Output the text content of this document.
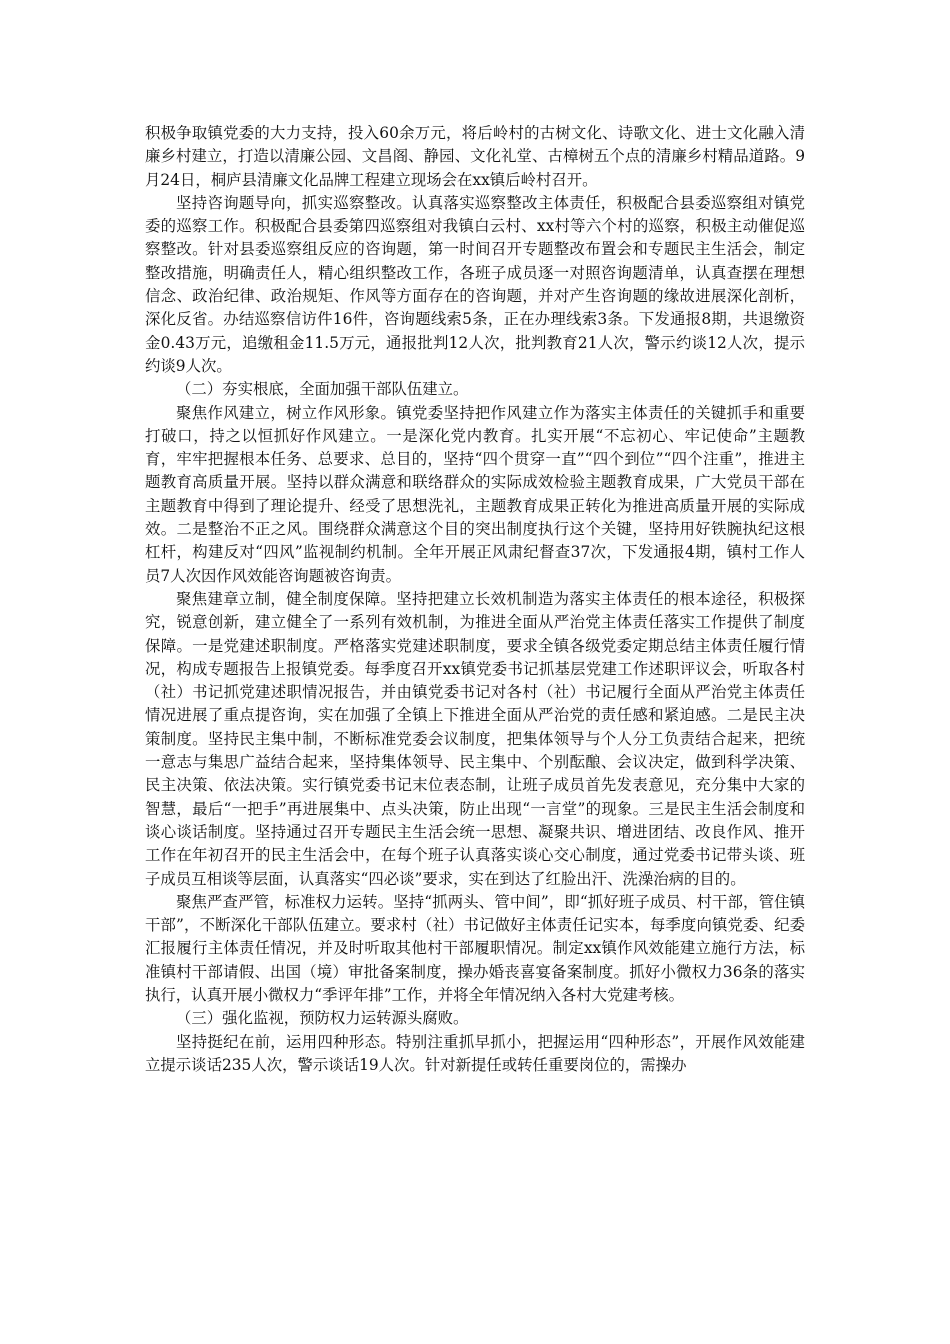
积极争取镇党委的大力支持，投入60余万元，将后岭村的古树文化、诗歌文化、进士文化融入清廉乡村建立，打造以清廉公园、文昌阁、静园、文化礼堂、古樟树五个点的清廉乡村精品道路。9月24日，桐庐县清廉文化品牌工程建立现场会在xx镇后岭村召开。

坚持咨询题导向，抓实巡察整改。认真落实巡察整改主体责任，积极配合县委巡察组对镇党委的巡察工作。积极配合县委第四巡察组对我镇白云村、xx村等六个村的巡察，积极主动催促巡察整改。针对县委巡察组反应的咨询题，第一时间召开专题整改布置会和专题民主生活会，制定整改措施，明确责任人，精心组织整改工作，各班子成员逐一对照咨询题清单，认真查摆在理想信念、政治纪律、政治规矩、作风等方面存在的咨询题，并对产生咨询题的缘故进展深化剖析，深化反省。办结巡察信访件16件，咨询题线索5条，正在办理线索3条。下发通报8期，共退缴资金0.43万元，追缴租金11.5万元，通报批判12人次，批判教育21人次，警示约谈12人次，提示约谈9人次。

（二）夯实根底，全面加强干部队伍建立。

聚焦作风建立，树立作风形象。镇党委坚持把作风建立作为落实主体责任的关键抓手和重要打破口，持之以恒抓好作风建立。一是深化党内教育。扎实开展“不忘初心、牢记使命”主题教育，牢牢把握根本任务、总要求、总目的，坚持“四个贯穿一直”“四个到位”“四个注重”，推进主题教育高质量开展。坚持以群众满意和联络群众的实际成效检验主题教育成果，广大党员干部在主题教育中得到了理论提升、经受了思想洗礼，主题教育成果正转化为推进高质量开展的实际成效。二是整治不正之风。围绕群众满意这个目的突出制度执行这个关键，坚持用好铁腕执纪这根杠杆，构建反对“四风”监视制约机制。全年开展正风肃纪督查37次，下发通报4期，镇村工作人员7人次因作风效能咨询题被咨询责。

聚焦建章立制，健全制度保障。坚持把建立长效机制造为落实主体责任的根本途径，积极探究，锐意创新，建立健全了一系列有效机制，为推进全面从严治党主体责任落实工作提供了制度保障。一是党建述职制度。严格落实党建述职制度，要求全镇各级党委定期总结主体责任履行情况，构成专题报告上报镇党委。每季度召开xx镇党委书记抓基层党建工作述职评议会，听取各村（社）书记抓党建述职情况报告，并由镇党委书记对各村（社）书记履行全面从严治党主体责任情况进展了重点提咨询，实在加强了全镇上下推进全面从严治党的责任感和紧迫感。二是民主决策制度。坚持民主集中制，不断标准党委会议制度，把集体领导与个人分工负责结合起来，把统一意志与集思广益结合起来，坚持集体领导、民主集中、个别酝酿、会议决定，做到科学决策、民主决策、依法决策。实行镇党委书记末位表态制，让班子成员首先发表意见，充分集中大家的智慧，最后“一把手”再进展集中、点头决策，防止出现“一言堂”的现象。三是民主生活会制度和谈心谈话制度。坚持通过召开专题民主生活会统一思想、凝聚共识、增进团结、改良作风、推开工作在年初召开的民主生活会中，在每个班子认真落实谈心交心制度，通过党委书记带头谈、班子成员互相谈等层面，认真落实“四必谈”要求，实在到达了红脸出汗、洗澡治病的目的。

聚焦严查严管，标准权力运转。坚持“抓两头、管中间”，即“抓好班子成员、村干部，管住镇干部”，不断深化干部队伍建立。要求村（社）书记做好主体责任记实本，每季度向镇党委、纪委汇报履行主体责任情况，并及时听取其他村干部履职情况。制定xx镇作风效能建立施行方法，标准镇村干部请假、出国（境）审批备案制度，操办婚丧喜宴备案制度。抓好小微权力36条的落实执行，认真开展小微权力“季评年排”工作，并将全年情况纳入各村大党建考核。

（三）强化监视，预防权力运转源头腐败。

坚持挺纪在前，运用四种形态。特别注重抓早抓小，把握运用“四种形态”，开展作风效能建立提示谈话235人次，警示谈话19人次。针对新提任或转任重要岗位的，需操办
